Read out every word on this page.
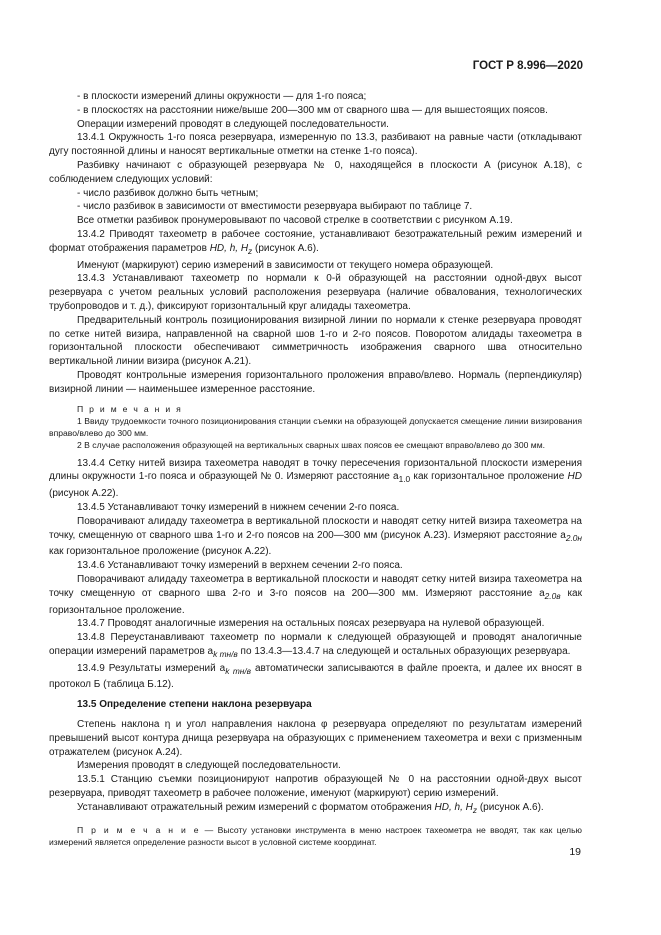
ГОСТ Р 8.996—2020

- в плоскости измерений длины окружности — для 1-го пояса;

- в плоскостях на расстоянии ниже/выше 200—300 мм от сварного шва — для вышестоящих поясов.

Операции измерений проводят в следующей последовательности.

13.4.1 Окружность 1-го пояса резервуара, измеренную по 13.3, разбивают на равные части (откладывают дугу постоянной длины и наносят вертикальные отметки на стенке 1-го пояса).

Разбивку начинают с образующей резервуара № 0, находящейся в плоскости А (рисунок А.18), с соблюдением следующих условий:

- число разбивок должно быть четным;

- число разбивок в зависимости от вместимости резервуара выбирают по таблице 7.

Все отметки разбивок пронумеровывают по часовой стрелке в соответствии с рисунком А.19.

13.4.2 Приводят тахеометр в рабочее состояние, устанавливают безотражательный режим измерений и формат отображения параметров HD, h, $H_z$ (рисунок А.6).

Именуют (маркируют) серию измерений в зависимости от текущего номера образующей.

13.4.3 Устанавливают тахеометр по нормали к 0-й образующей на расстоянии одной-двух высот резервуара с учетом реальных условий расположения резервуара (наличие обвалования, технологических трубопроводов и т. д.), фиксируют горизонтальный круг алидады тахеометра.

Предварительный контроль позиционирования визирной линии по нормали к стенке резервуара проводят по сетке нитей визира, направленной на сварной шов 1-го и 2-го поясов. Поворотом алидады тахеометра в горизонтальной плоскости обеспечивают симметричность изображения сварного шва относительно вертикальной линии визира (рисунок А.21).

Проводят контрольные измерения горизонтального проложения вправо/влево. Нормаль (перпендикуляр) визирной линии — наименьшее измеренное расстояние.

П р и м е ч а н и я

1 Ввиду трудоемкости точного позиционирования станции съемки на образующей допускается смещение линии визирования вправо/влево до 300 мм.

2 В случае расположения образующей на вертикальных сварных швах поясов ее смещают вправо/влево до 300 мм.

13.4.4 Сетку нитей визира тахеометра наводят в точку пересечения горизонтальной плоскости измерения длины окружности 1-го пояса и образующей № 0. Измеряют расстояние $a_{1.0}$ как горизонтальное проложение HD (рисунок А.22).

13.4.5 Устанавливают точку измерений в нижнем сечении 2-го пояса.

Поворачивают алидаду тахеометра в вертикальной плоскости и наводят сетку нитей визира тахеометра на точку, смещенную от сварного шва 1-го и 2-го поясов на 200—300 мм (рисунок А.23). Измеряют расстояние $a_{2.0н}$ как горизонтальное проложение (рисунок А.22).

13.4.6 Устанавливают точку измерений в верхнем сечении 2-го пояса.

Поворачивают алидаду тахеометра в вертикальной плоскости и наводят сетку нитей визира тахеометра на точку смещенную от сварного шва 2-го и 3-го поясов на 200—300 мм. Измеряют расстояние $a_{2.0в}$ как горизонтальное проложение.

13.4.7 Проводят аналогичные измерения на остальных поясах резервуара на нулевой образующей.

13.4.8 Переустанавливают тахеометр по нормали к следующей образующей и проводят аналогичные операции измерений параметров $a_{k mн/в}$ по 13.4.3—13.4.7 на следующей и остальных образующих резервуара.

13.4.9 Результаты измерений $a_{k mн/в}$ автоматически записываются в файле проекта, и далее их вносят в протокол Б (таблица Б.12).

13.5 Определение степени наклона резервуара

Степень наклона η и угол направления наклона φ резервуара определяют по результатам измерений превышений высот контура днища резервуара на образующих с применением тахеометра и вехи с призменным отражателем (рисунок А.24).

Измерения проводят в следующей последовательности.

13.5.1 Станцию съемки позиционируют напротив образующей № 0 на расстоянии одной-двух высот резервуара, приводят тахеометр в рабочее положение, именуют (маркируют) серию измерений.

Устанавливают отражательный режим измерений с форматом отображения HD, h, $H_z$ (рисунок А.6).

П р и м е ч а н и е — Высоту установки инструмента в меню настроек тахеометра не вводят, так как целью измерений является определение разности высот в условной системе координат.

19
